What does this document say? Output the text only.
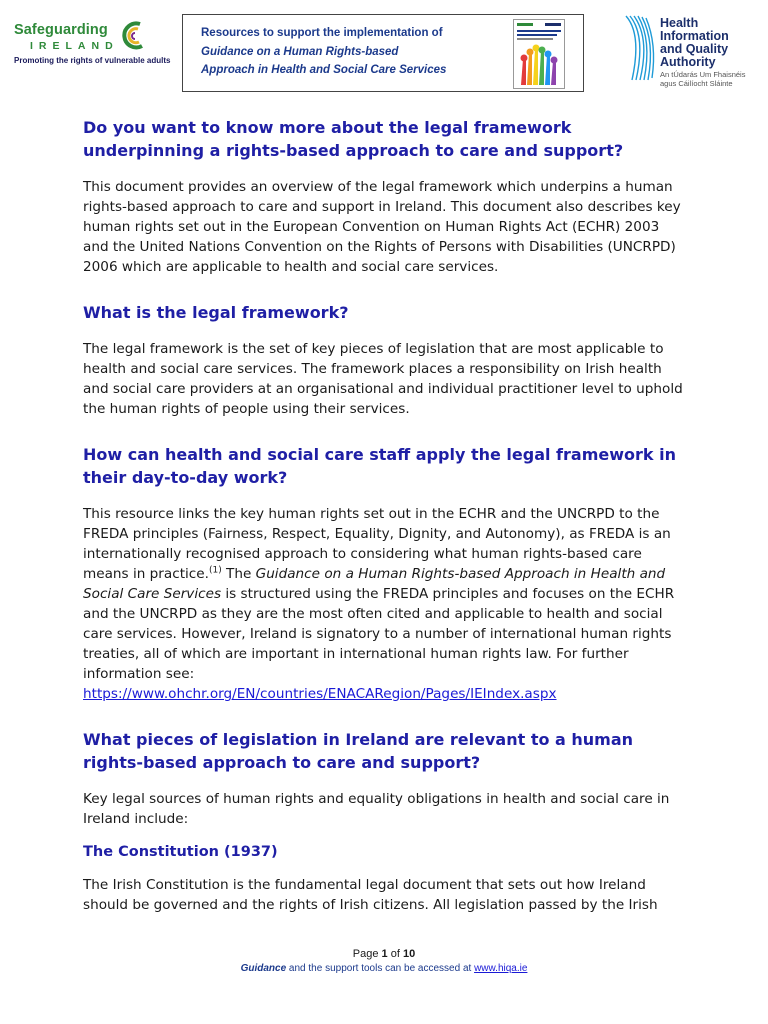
Safeguarding
IRELAND
Promoting the rights of vulnerable adults
Resources to support the implementation of
Guidance on a Human Rights-based
Approach in Health and Social Care Services
Health
Information
and Quality
Authority
An tÚdarás Um Fhaisnéis
agus Cáilíocht Sláinte
Do you want to know more about the legal framework underpinning a rights-based approach to care and support?

This document provides an overview of the legal framework which underpins a human rights-based approach to care and support in Ireland. This document also describes key human rights set out in the European Convention on Human Rights Act (ECHR) 2003 and the United Nations Convention on the Rights of Persons with Disabilities (UNCRPD) 2006 which are applicable to health and social care services.

What is the legal framework?

The legal framework is the set of key pieces of legislation that are most applicable to health and social care services. The framework places a responsibility on Irish health and social care providers at an organisational and individual practitioner level to uphold the human rights of people using their services.

How can health and social care staff apply the legal framework in their day-to-day work?

This resource links the key human rights set out in the ECHR and the UNCRPD to the FREDA principles (Fairness, Respect, Equality, Dignity, and Autonomy), as FREDA is an internationally recognised approach to considering what human rights-based care means in practice.$^{(1)}$ The Guidance on a Human Rights-based Approach in Health and Social Care Services is structured using the FREDA principles and focuses on the ECHR and the UNCRPD as they are the most often cited and applicable to health and social care services. However, Ireland is signatory to a number of international human rights treaties, all of which are important in international human rights law. For further information see:
https://www.ohchr.org/EN/countries/ENACARegion/Pages/IEIndex.aspx

What pieces of legislation in Ireland are relevant to a human rights-based approach to care and support?

Key legal sources of human rights and equality obligations in health and social care in Ireland include:

The Constitution (1937)

The Irish Constitution is the fundamental legal document that sets out how Ireland should be governed and the rights of Irish citizens. All legislation passed by the Irish

Page 1 of 10
Guidance and the support tools can be accessed at www.hiqa.ie
